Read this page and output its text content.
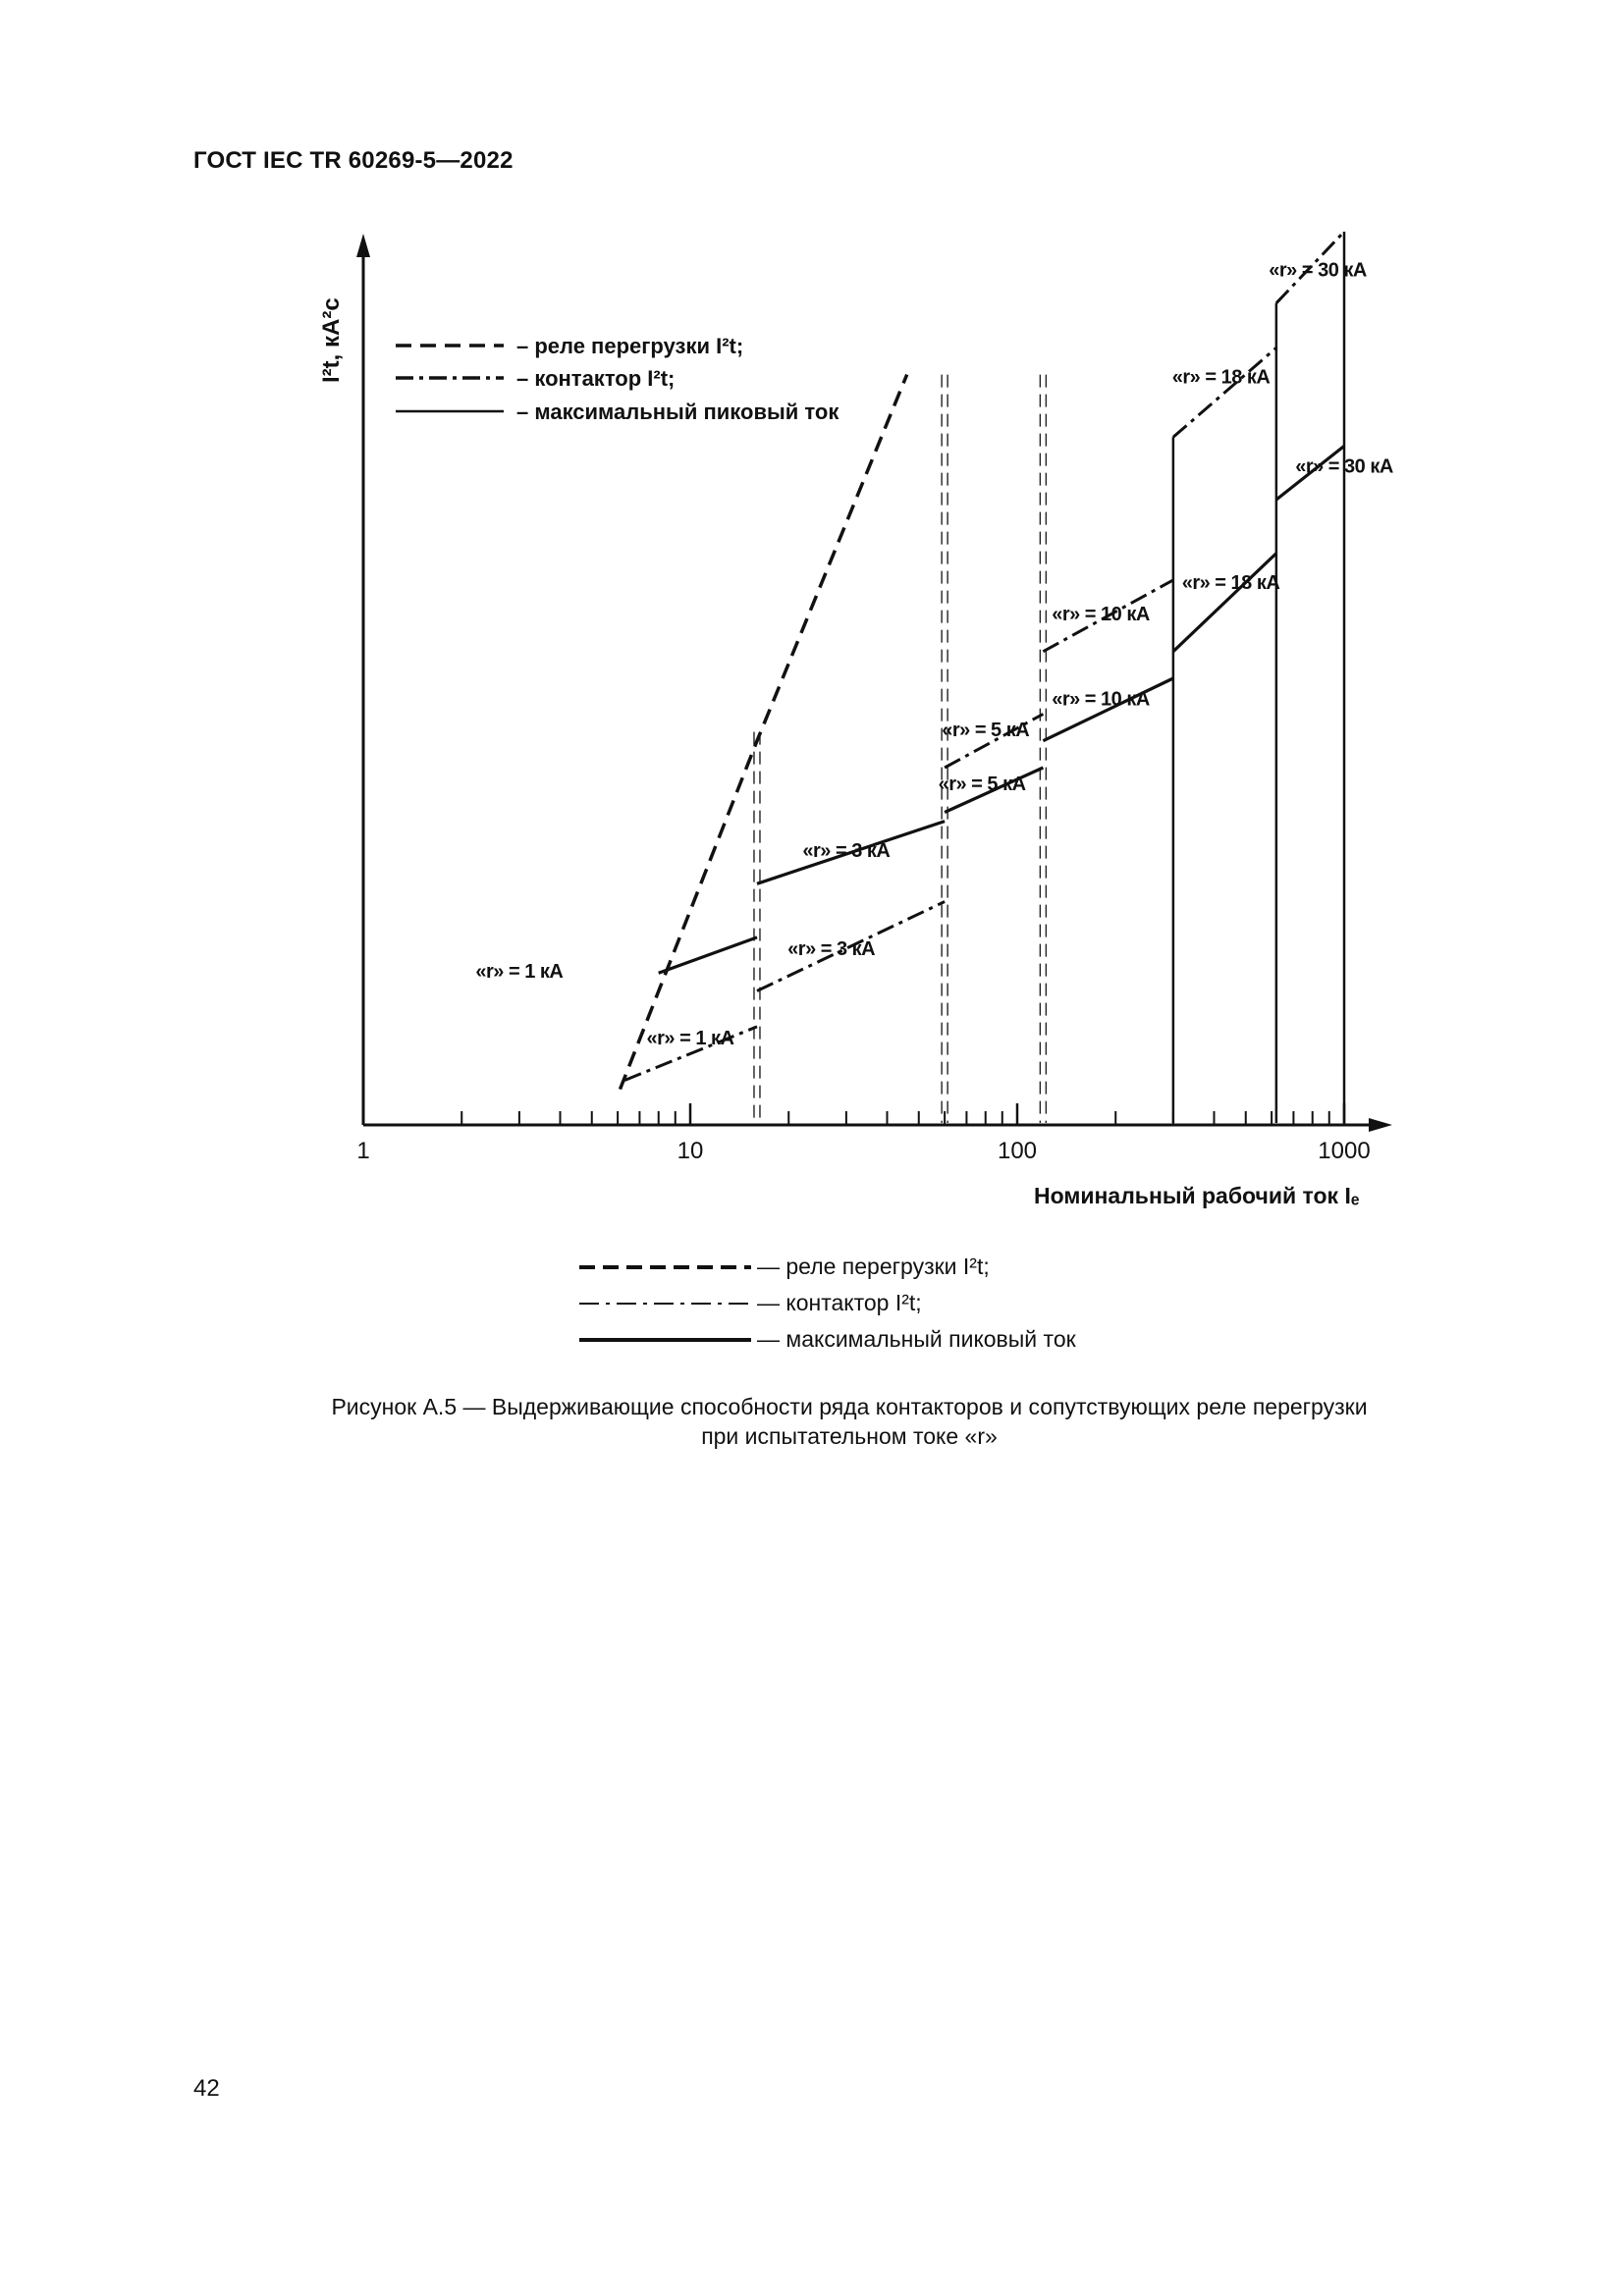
ГОСТ IEC TR 60269-5—2022
1	10	100	1000
I²t, кА²с
Номинальный рабочий ток Iₑ
– реле перегрузки I²t;
– контактор I²t;
– максимальный пиковый ток
«r» = 1 кА
«r» = 1 кА
«r» = 3 кА
«r» = 3 кА
«r» = 5 кА
«r» = 5 кА
«r» = 10 кА
«r» = 10 кА
«r» = 18 кА
«r» = 18 кА
«r» = 30 кА
«r» = 30 кА
— реле перегрузки I²t;
— контактор I²t;
— максимальный пиковый ток
Рисунок А.5 — Выдерживающие способности ряда контакторов и сопутствующих реле перегрузки
при испытательном токе «r»
42
